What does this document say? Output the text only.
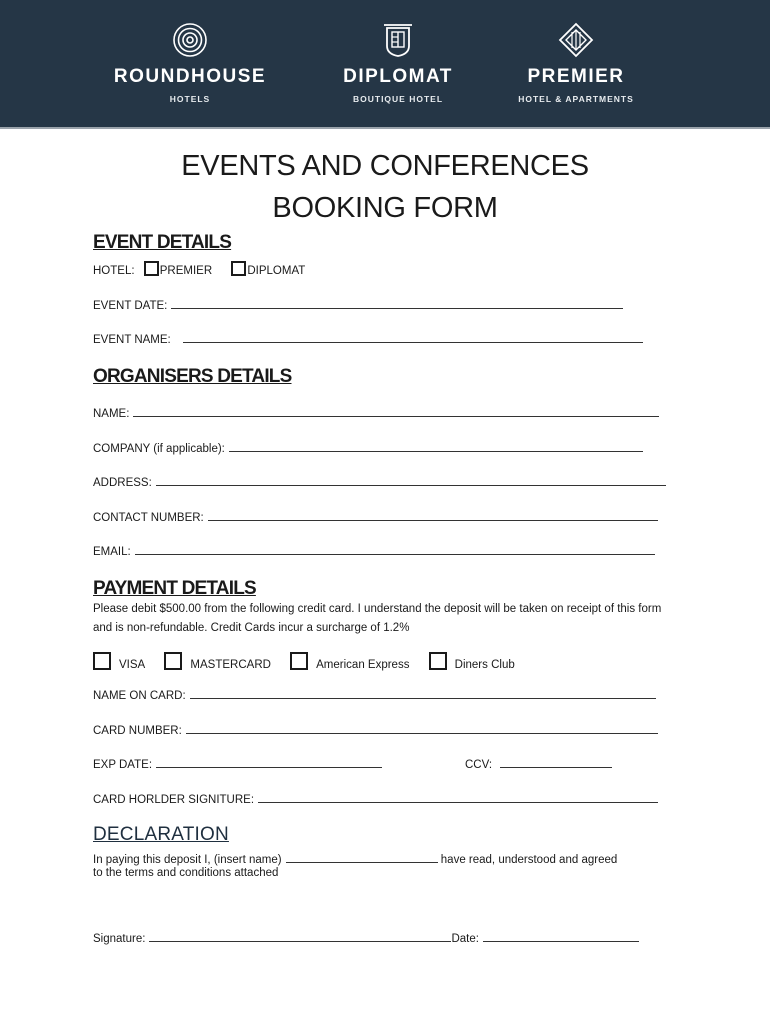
ROUNDHOUSE
HOTELS
DIPLOMAT
BOUTIQUE HOTEL
PREMIER
HOTEL & APARTMENTS
EVENTS AND CONFERENCES
BOOKING FORM
EVENT DETAILS
HOTEL: PREMIER	DIPLOMAT
EVENT DATE:
EVENT NAME:
ORGANISERS DETAILS
NAME:
COMPANY (if applicable):
ADDRESS:
CONTACT NUMBER:
EMAIL:
PAYMENT DETAILS
Please debit $500.00 from the following credit card. I understand the deposit will be taken on receipt of this form and is non-refundable. Credit Cards incur a surcharge of 1.2%
VISA	MASTERCARD	American Express	Diners Club
NAME ON CARD:
CARD NUMBER:
EXP DATE:	CCV:
CARD HORLDER SIGNITURE:
DECLARATION
In paying this deposit I, (insert name)	have read, understood and agreed
to the terms and conditions attached
Signature:	Date:
